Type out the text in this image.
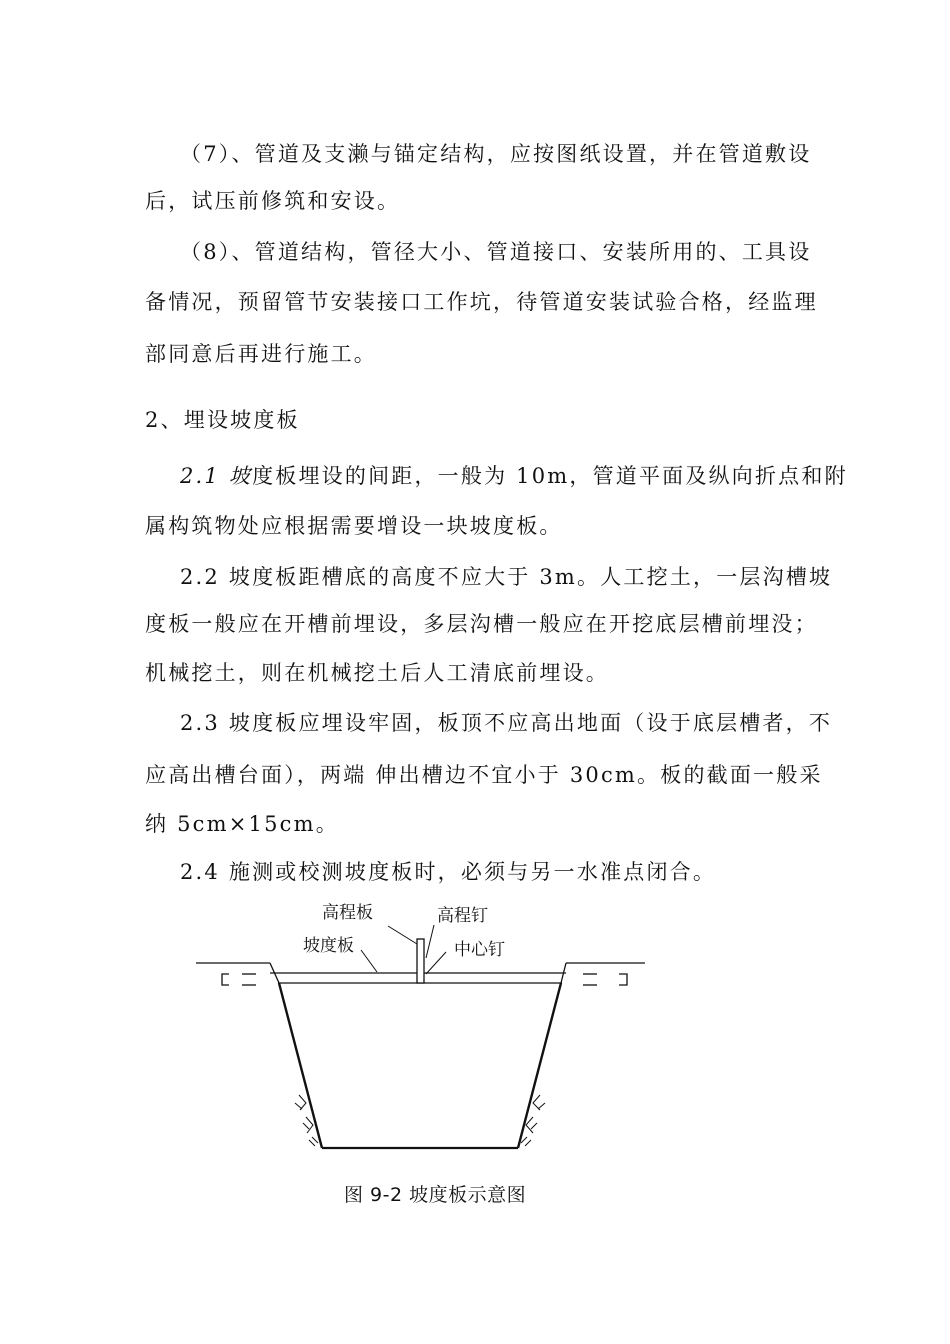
（7）、管道及支濑与锚定结构，应按图纸设置，并在管道敷设
后，试压前修筑和安设。
（8）、管道结构，管径大小、管道接口、安装所用的、工具设
备情况，预留管节安装接口工作坑，待管道安装试验合格，经监理
部同意后再进行施工。
2、埋设坡度板
2.1 坡度板埋设的间距，一般为 10m，管道平面及纵向折点和附
属构筑物处应根据需要增设一块坡度板。
2.2 坡度板距槽底的高度不应大于 3m。人工挖土，一层沟槽坡
度板一般应在开槽前埋设，多层沟槽一般应在开挖底层槽前埋没；
机械挖土，则在机械挖土后人工清底前埋设。
2.3 坡度板应埋设牢固，板顶不应高出地面（设于底层槽者，不
应高出槽台面），两端 伸出槽边不宜小于 30cm。板的截面一般采
纳 5cm×15cm。
2.4 施测或校测坡度板时，必须与另一水准点闭合。
高程板	高程钉
坡度板	中心钉
图 9-2 坡度板示意图
